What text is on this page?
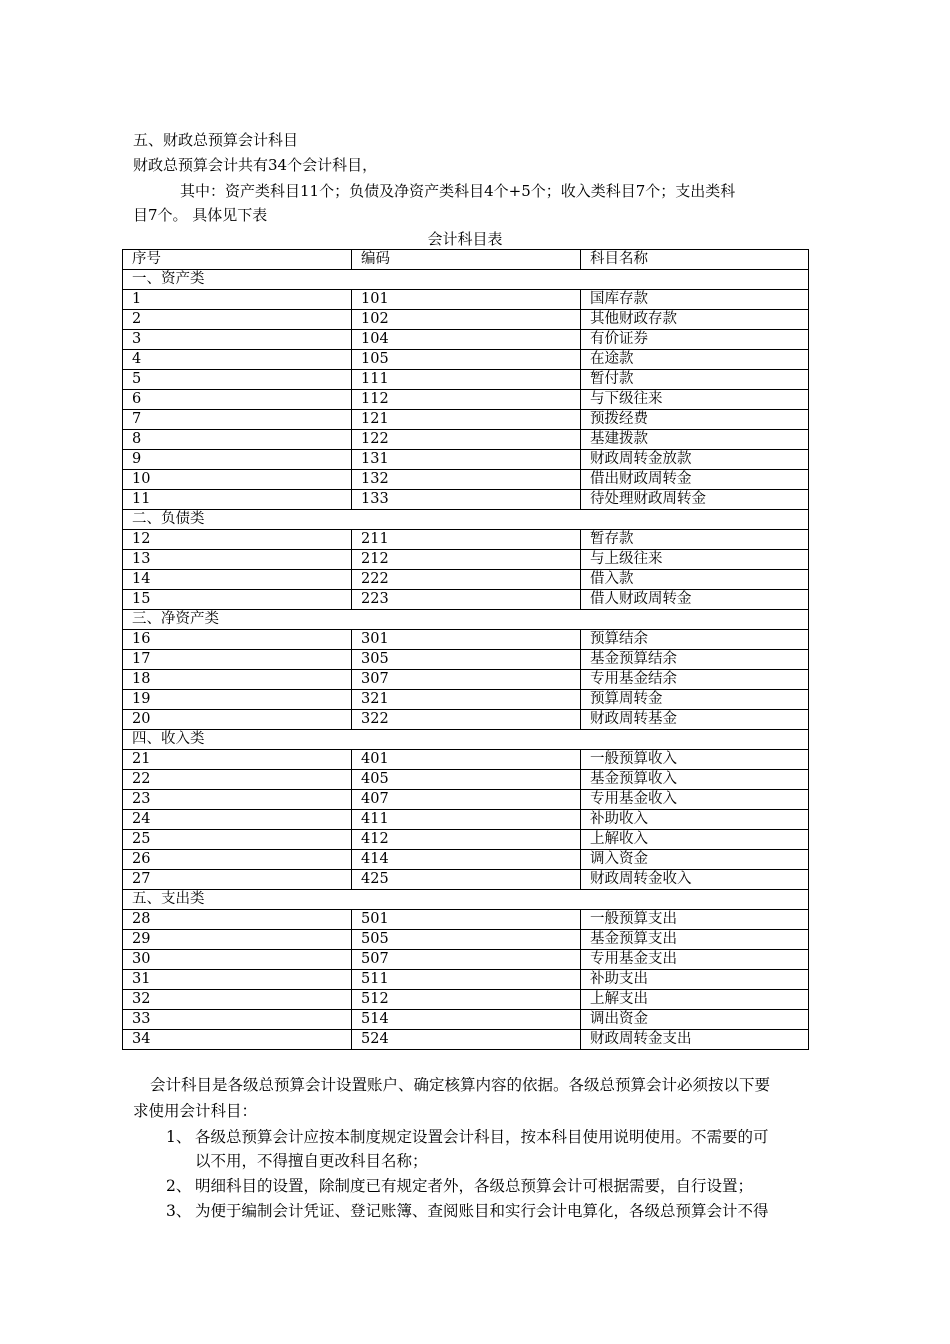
五、财政总预算会计科目
财政总预算会计共有34个会计科目，
其中：资产类科目11个；负债及净资产类科目4个+5个；收入类科目7个；支出类科
目7个。 具体见下表
会计科目表
序号	编码	科目名称
一、资产类		
1	101	国库存款
2	102	其他财政存款
3	104	有价证券
4	105	在途款
5	111	暂付款
6	112	与下级往来
7	121	预拨经费
8	122	基建拨款
9	131	财政周转金放款
10	132	借出财政周转金
11	133	待处理财政周转金
二、负债类		
12	211	暂存款
13	212	与上级往来
14	222	借入款
15	223	借人财政周转金
三、净资产类		
16	301	预算结余
17	305	基金预算结余
18	307	专用基金结余
19	321	预算周转金
20	322	财政周转基金
四、收入类		
21	401	一般预算收入
22	405	基金预算收入
23	407	专用基金收入
24	411	补助收入
25	412	上解收入
26	414	调入资金
27	425	财政周转金收入
五、支出类		
28	501	一般预算支出
29	505	基金预算支出
30	507	专用基金支出
31	511	补助支出
32	512	上解支出
33	514	调出资金
34	524	财政周转金支出
会计科目是各级总预算会计设置账户、确定核算内容的依据。各级总预算会计必须按以下要
求使用会计科目：
1、 各级总预算会计应按本制度规定设置会计科目，按本科目使用说明使用。不需要的可
以不用，不得擅自更改科目名称；
2、 明细科目的设置，除制度已有规定者外，各级总预算会计可根据需要，自行设置；
3、 为便于编制会计凭证、登记账簿、查阅账目和实行会计电算化，各级总预算会计不得
